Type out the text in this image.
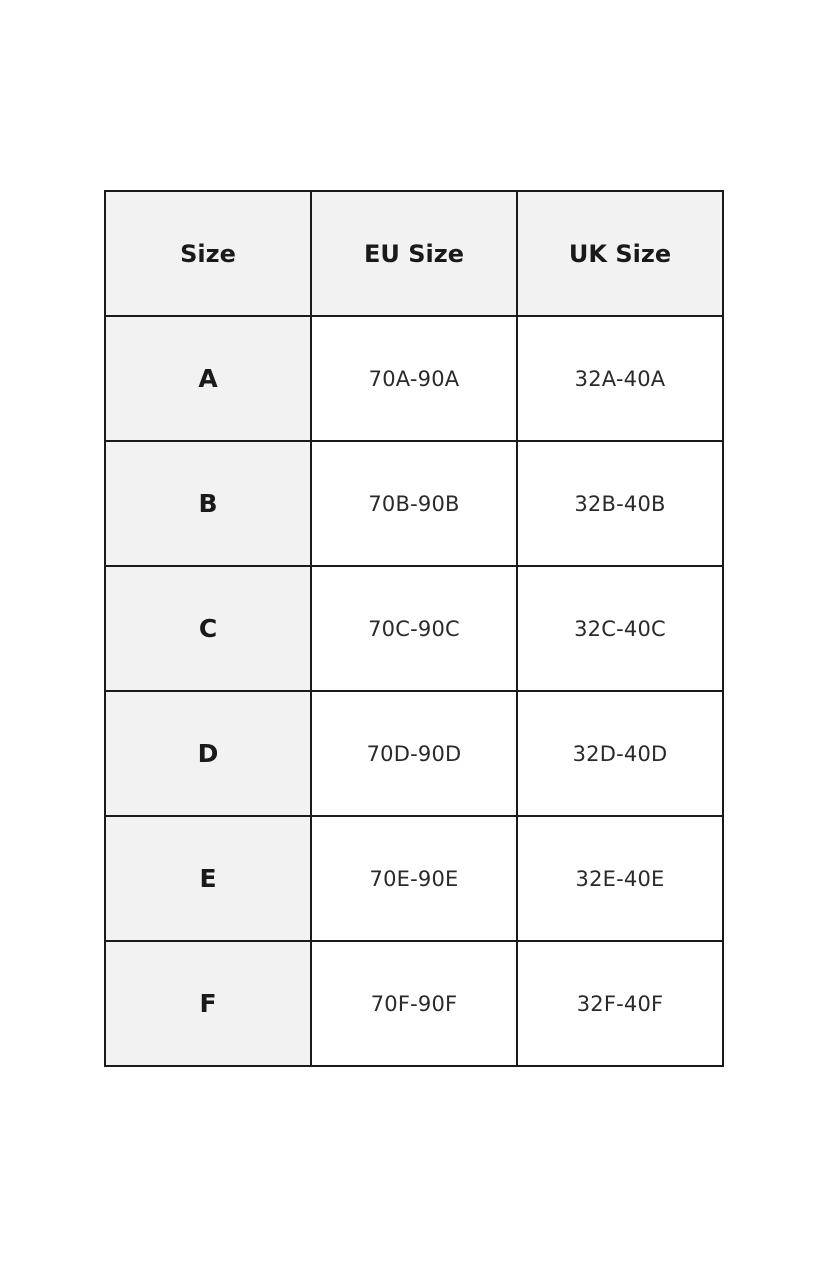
Size	EU Size	UK Size
A	70A-90A	32A-40A
B	70B-90B	32B-40B
C	70C-90C	32C-40C
D	70D-90D	32D-40D
E	70E-90E	32E-40E
F	70F-90F	32F-40F
